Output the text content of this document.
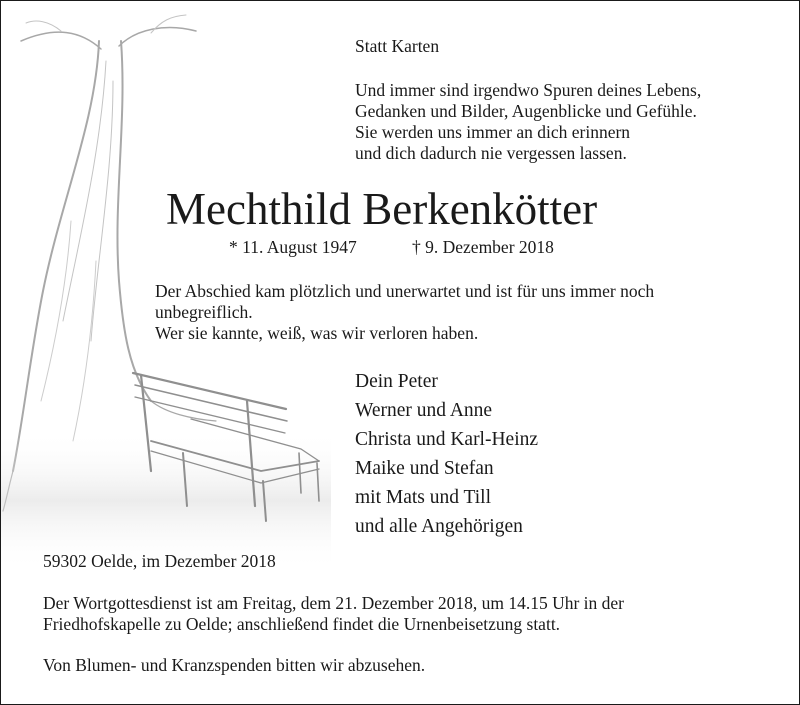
Statt Karten

Und immer sind irgendwo Spuren deines Lebens,

Gedanken und Bilder, Augenblicke und Gefühle.

Sie werden uns immer an dich erinnern

und dich dadurch nie vergessen lassen.

Mechthild Berkenkötter

* 11. August 1947	† 9. Dezember 2018

Der Abschied kam plötzlich und unerwartet und ist für uns immer noch

unbegreiflich.

Wer sie kannte, weiß, was wir verloren haben.

Dein Peter

Werner und Anne

Christa und Karl-Heinz

Maike und Stefan

mit Mats und Till

und alle Angehörigen

59302 Oelde, im Dezember 2018

Der Wortgottesdienst ist am Freitag, dem 21. Dezember 2018, um 14.15 Uhr in der

Friedhofskapelle zu Oelde; anschließend findet die Urnenbeisetzung statt.

Von Blumen- und Kranzspenden bitten wir abzusehen.
